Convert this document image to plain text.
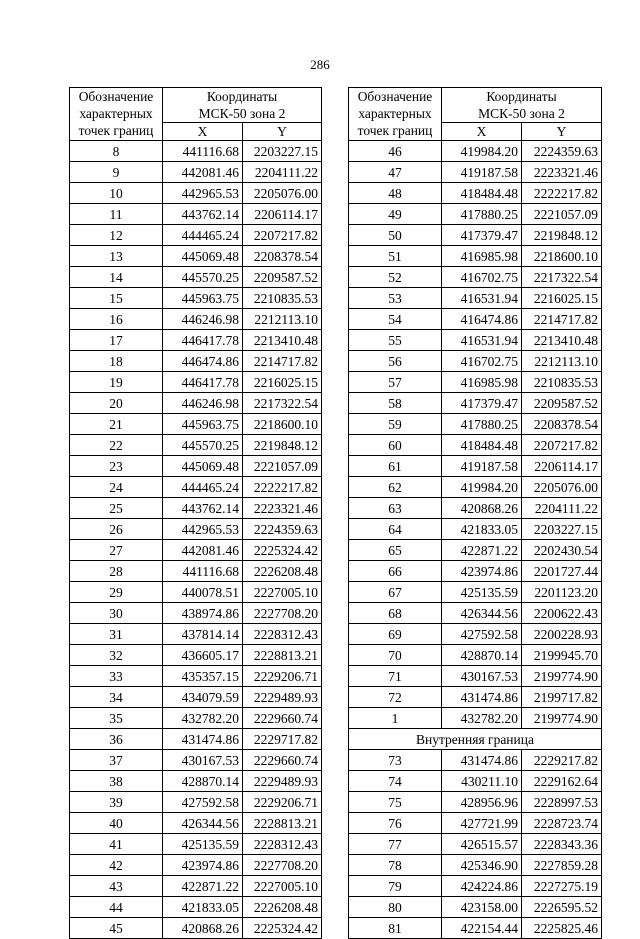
286
Обозначение	Координаты	
характерных	МСК-50 зона 2	
точек границ	X	Y
8	441116.68	2203227.15
9	442081.46	2204111.22
10	442965.53	2205076.00
11	443762.14	2206114.17
12	444465.24	2207217.82
13	445069.48	2208378.54
14	445570.25	2209587.52
15	445963.75	2210835.53
16	446246.98	2212113.10
17	446417.78	2213410.48
18	446474.86	2214717.82
19	446417.78	2216025.15
20	446246.98	2217322.54
21	445963.75	2218600.10
22	445570.25	2219848.12
23	445069.48	2221057.09
24	444465.24	2222217.82
25	443762.14	2223321.46
26	442965.53	2224359.63
27	442081.46	2225324.42
28	441116.68	2226208.48
29	440078.51	2227005.10
30	438974.86	2227708.20
31	437814.14	2228312.43
32	436605.17	2228813.21
33	435357.15	2229206.71
34	434079.59	2229489.93
35	432782.20	2229660.74
36	431474.86	2229717.82
37	430167.53	2229660.74
38	428870.14	2229489.93
39	427592.58	2229206.71
40	426344.56	2228813.21
41	425135.59	2228312.43
42	423974.86	2227708.20
43	422871.22	2227005.10
44	421833.05	2226208.48
45	420868.26	2225324.42
Обозначение	Координаты	
характерных	МСК-50 зона 2	
точек границ	X	Y
46	419984.20	2224359.63
47	419187.58	2223321.46
48	418484.48	2222217.82
49	417880.25	2221057.09
50	417379.47	2219848.12
51	416985.98	2218600.10
52	416702.75	2217322.54
53	416531.94	2216025.15
54	416474.86	2214717.82
55	416531.94	2213410.48
56	416702.75	2212113.10
57	416985.98	2210835.53
58	417379.47	2209587.52
59	417880.25	2208378.54
60	418484.48	2207217.82
61	419187.58	2206114.17
62	419984.20	2205076.00
63	420868.26	2204111.22
64	421833.05	2203227.15
65	422871.22	2202430.54
66	423974.86	2201727.44
67	425135.59	2201123.20
68	426344.56	2200622.43
69	427592.58	2200228.93
70	428870.14	2199945.70
71	430167.53	2199774.90
72	431474.86	2199717.82
1	432782.20	2199774.90
Внутренняя граница		
73	431474.86	2229217.82
74	430211.10	2229162.64
75	428956.96	2228997.53
76	427721.99	2228723.74
77	426515.57	2228343.36
78	425346.90	2227859.28
79	424224.86	2227275.19
80	423158.00	2226595.52
81	422154.44	2225825.46
